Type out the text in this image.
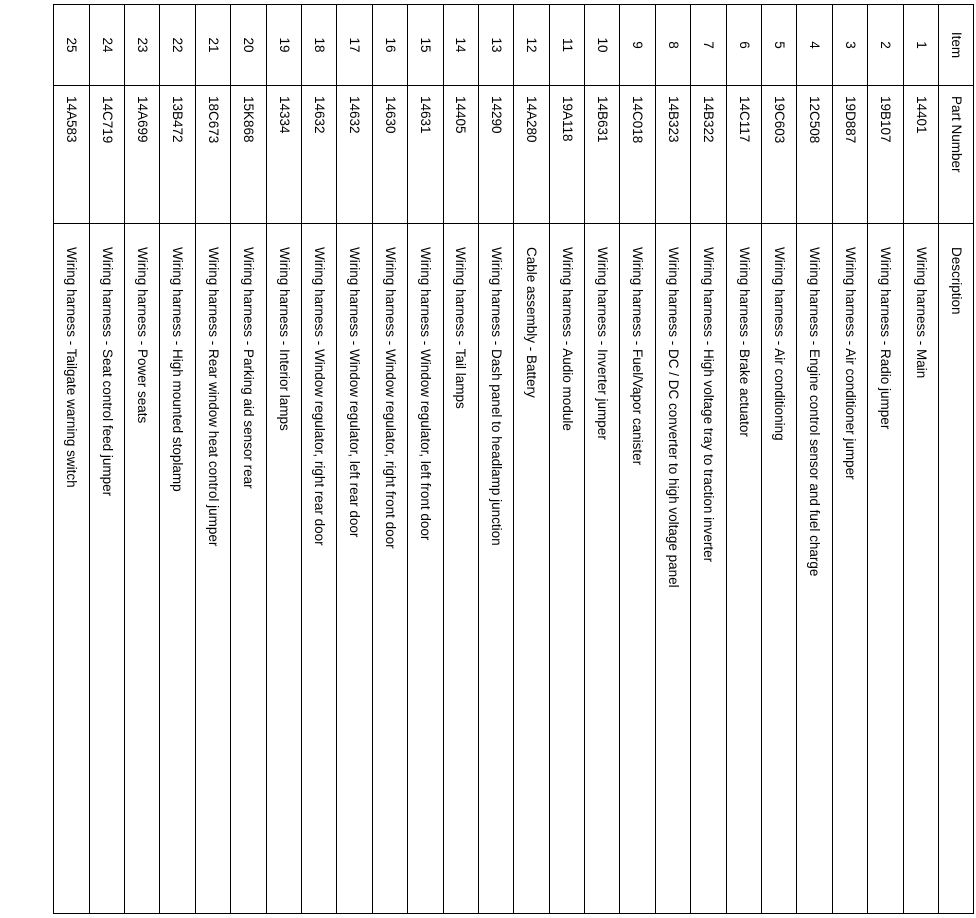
Item	Part Number	Description
1	14401	Wiring harness - Main
2	19B107	Wiring harness - Radio jumper
3	19D887	Wiring harness - Air conditioner jumper
4	12C508	Wiring harness - Engine control sensor and fuel charge
5	19C603	Wiring harness - Air conditioning
6	14C117	Wiring harness - Brake actuator
7	14B322	Wiring harness - High voltage tray to traction inverter
8	14B323	Wiring harness - DC / DC converter to high voltage panel
9	14C018	Wiring harness - Fuel/Vapor canister
10	14B631	Wiring harness - Inverter jumper
11	19A118	Wiring harness - Audio module
12	14A280	Cable assembly - Battery
13	14290	Wiring harness - Dash panel to headlamp junction
14	14405	Wiring harness - Tail lamps
15	14631	Wiring harness - Window regulator, left front door
16	14630	Wiring harness - Window regulator, right front door
17	14632	Wiring harness - Window regulator, left rear door
18	14632	Wiring harness - Window regulator, right rear door
19	14334	Wiring harness - Interior lamps
20	15K868	Wiring harness - Parking aid sensor rear
21	18C673	Wiring harness - Rear window heat control jumper
22	13B472	Wiring harness - High mounted stoplamp
23	14A699	Wiring harness - Power seats
24	14C719	Wiring harness - Seat control feed jumper
25	14A583	Wiring harness - Tailgate warning switch
